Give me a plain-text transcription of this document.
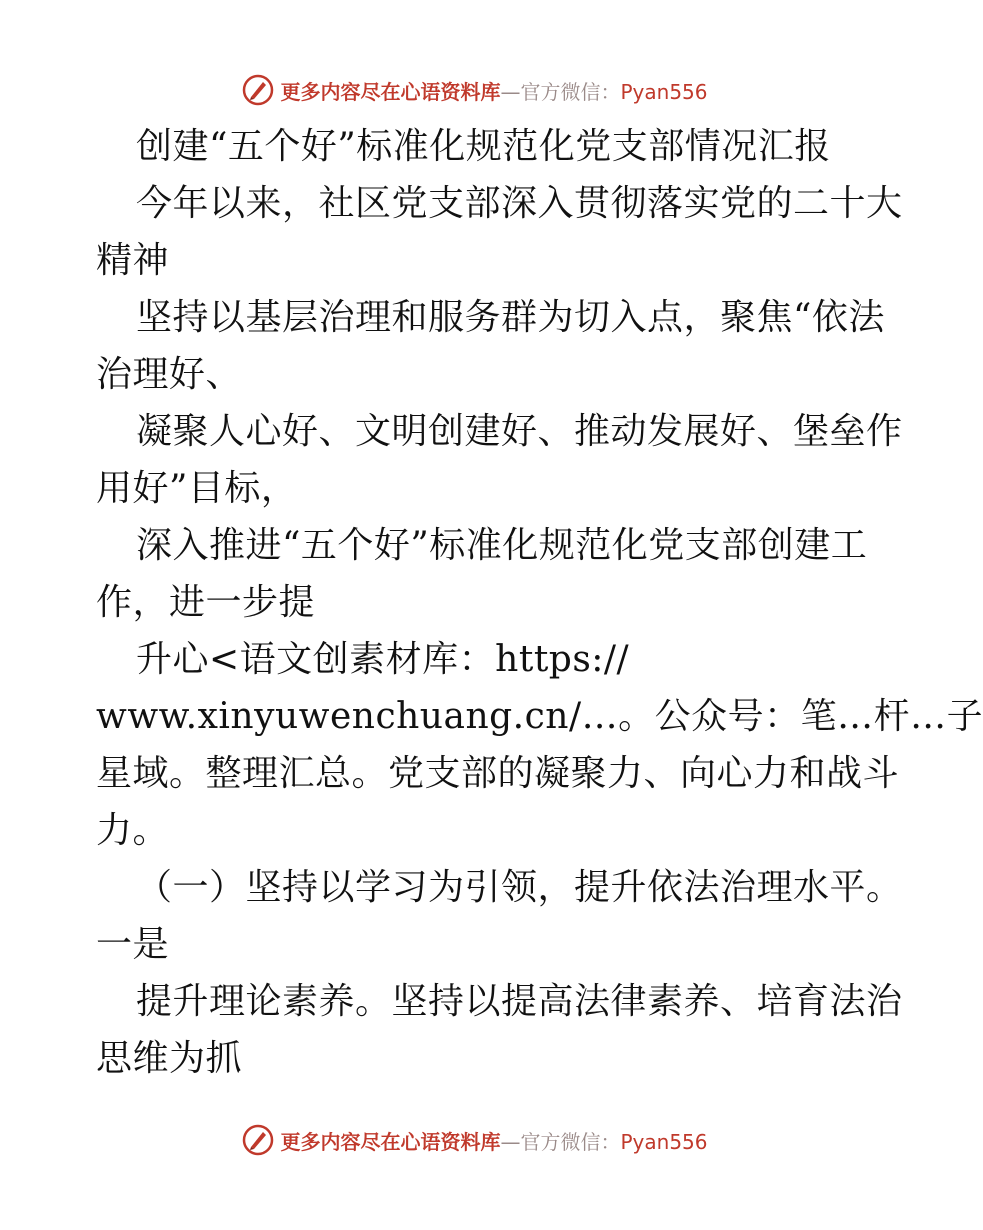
更多内容尽在心语资料库—官方微信：Pyan556
创建“五个好”标准化规范化党支部情况汇报
今年以来，社区党支部深入贯彻落实党的二十大
精神
坚持以基层治理和服务群为切入点，聚焦“依法
治理好、
凝聚人心好、文明创建好、推动发展好、堡垒作
用好”目标，
深入推进“五个好”标准化规范化党支部创建工
作，进一步提
升心<语文创素材库：https://
www.xinyuwenchuang.cn/…。公众号：笔…杆…子
星域。整理汇总。党支部的凝聚力、向心力和战斗
力。
（一）坚持以学习为引领，提升依法治理水平。
一是
提升理论素养。坚持以提高法律素养、培育法治
思维为抓
更多内容尽在心语资料库—官方微信：Pyan556
